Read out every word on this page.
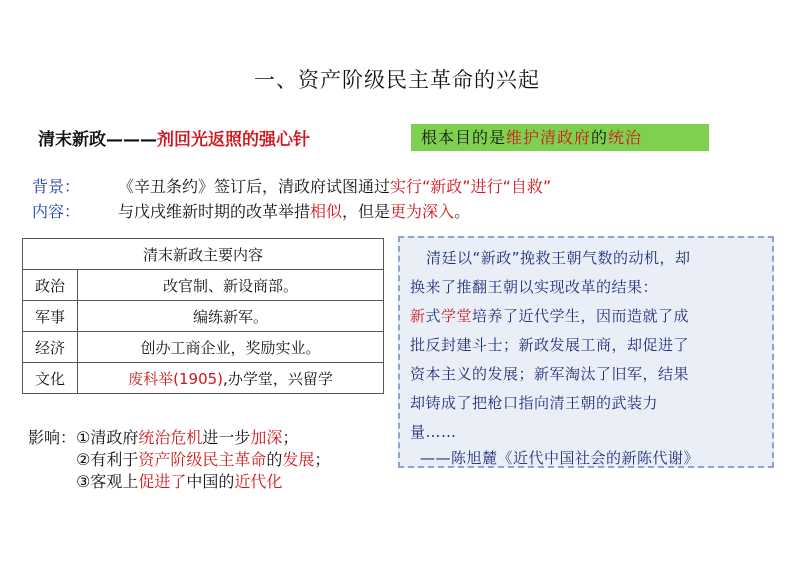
一、资产阶级民主革命的兴起
清末新政———剂回光返照的强心针	根本目的是维护清政府的统治
背景： 《辛丑条约》签订后，清政府试图通过实行“新政”进行“自救”
内容： 与戊戌维新时期的改革举措相似，但是更为深入。
清末新政主要内容	
政治	改官制、新设商部。
军事	编练新军。
经济	创办工商企业，奖励实业。
文化	废科举(1905),办学堂，兴留学
清廷以“新政”挽救王朝气数的动机，却
换来了推翻王朝以实现改革的结果：
新式学堂培养了近代学生，因而造就了成
批反封建斗士；新政发展工商，却促进了
资本主义的发展；新军淘汰了旧军，结果
却铸成了把枪口指向清王朝的武装力
量……
——陈旭麓《近代中国社会的新陈代谢》
影响：①清政府统治危机进一步加深；
②有利于资产阶级民主革命的发展；
③客观上促进了中国的近代化
